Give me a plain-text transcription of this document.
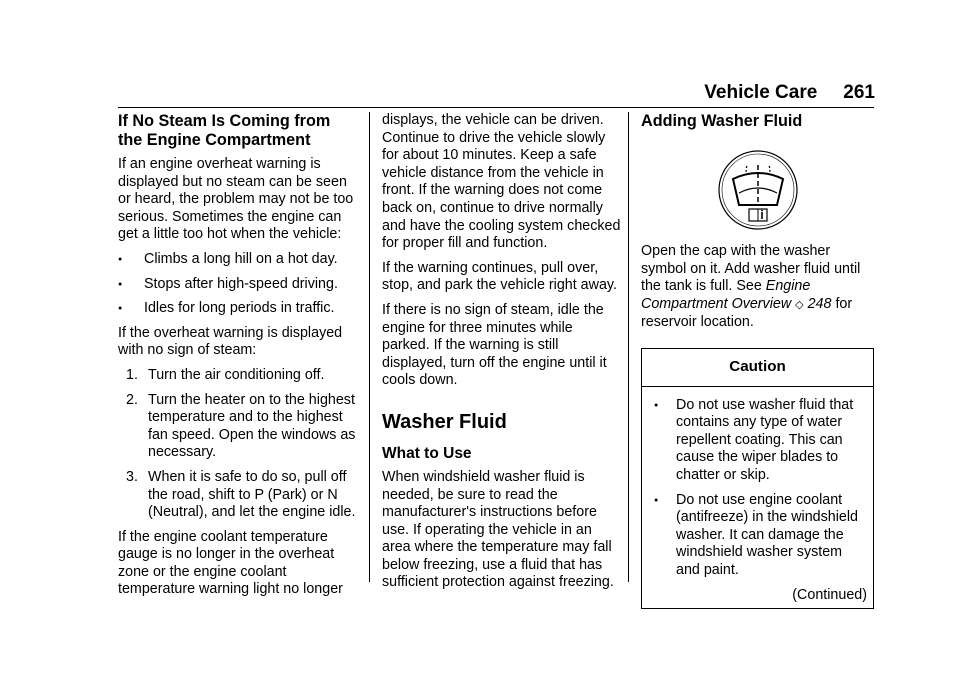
Vehicle Care 261
If No Steam Is Coming from the Engine Compartment

If an engine overheat warning is displayed but no steam can be seen or heard, the problem may not be too serious. Sometimes the engine can get a little too hot when the vehicle:

●	Climbs a long hill on a hot day.
●	Stops after high-speed driving.
●	Idles for long periods in traffic.

If the overheat warning is displayed with no sign of steam:

1. Turn the air conditioning off.
2. Turn the heater on to the highest temperature and to the highest fan speed. Open the windows as necessary.
3. When it is safe to do so, pull off the road, shift to P (Park) or N (Neutral), and let the engine idle.

If the engine coolant temperature gauge is no longer in the overheat zone or the engine coolant temperature warning light no longer

displays, the vehicle can be driven. Continue to drive the vehicle slowly for about 10 minutes. Keep a safe vehicle distance from the vehicle in front. If the warning does not come back on, continue to drive normally and have the cooling system checked for proper fill and function.

If the warning continues, pull over, stop, and park the vehicle right away.

If there is no sign of steam, idle the engine for three minutes while parked. If the warning is still displayed, turn off the engine until it cools down.

Washer Fluid
What to Use

When windshield washer fluid is needed, be sure to read the manufacturer's instructions before use. If operating the vehicle in an area where the temperature may fall below freezing, use a fluid that has sufficient protection against freezing.

Adding Washer Fluid

Open the cap with the washer symbol on it. Add washer fluid until the tank is full. See Engine Compartment Overview ◇ 248 for reservoir location.

Caution
●	Do not use washer fluid that contains any type of water repellent coating. This can cause the wiper blades to chatter or skip.
●	Do not use engine coolant (antifreeze) in the windshield washer. It can damage the windshield washer system and paint.
(Continued)
